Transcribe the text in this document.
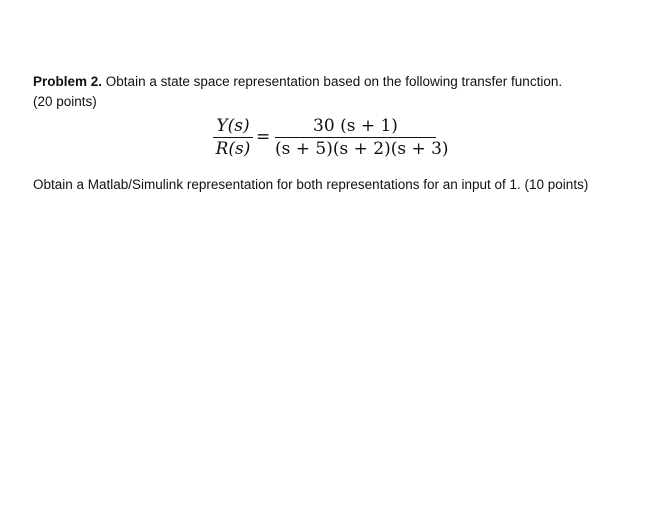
Problem 2. Obtain a state space representation based on the following transfer function.
(20 points)
Y(s)
R(s)
=
30 (s + 1)
(s + 5)(s + 2)(s + 3)
Obtain a Matlab/Simulink representation for both representations for an input of 1. (10 points)
